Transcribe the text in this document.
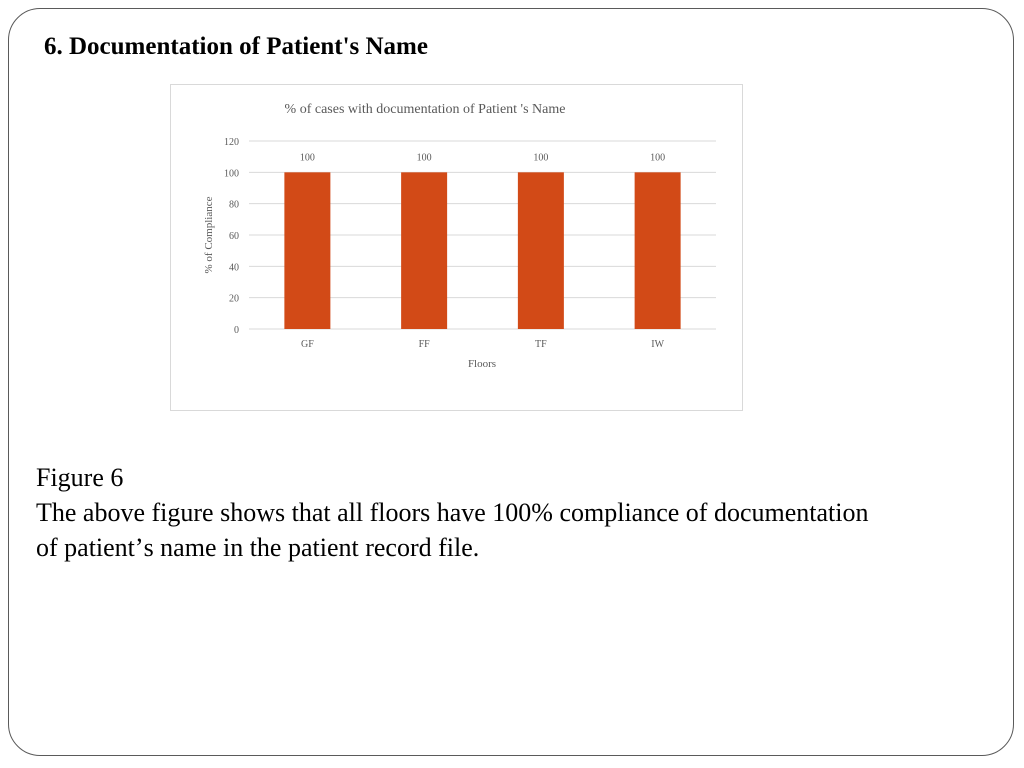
6. Documentation of Patient's Name
% of cases with documentation of Patient 's Name
0
20
40
60
80
100
120
100	100	100	100
GF	FF	TF	IW
Floors
% of Compliance
Figure 6
The above figure shows that all floors have 100% compliance of documentation
of patientʼs name in the patient record file.
